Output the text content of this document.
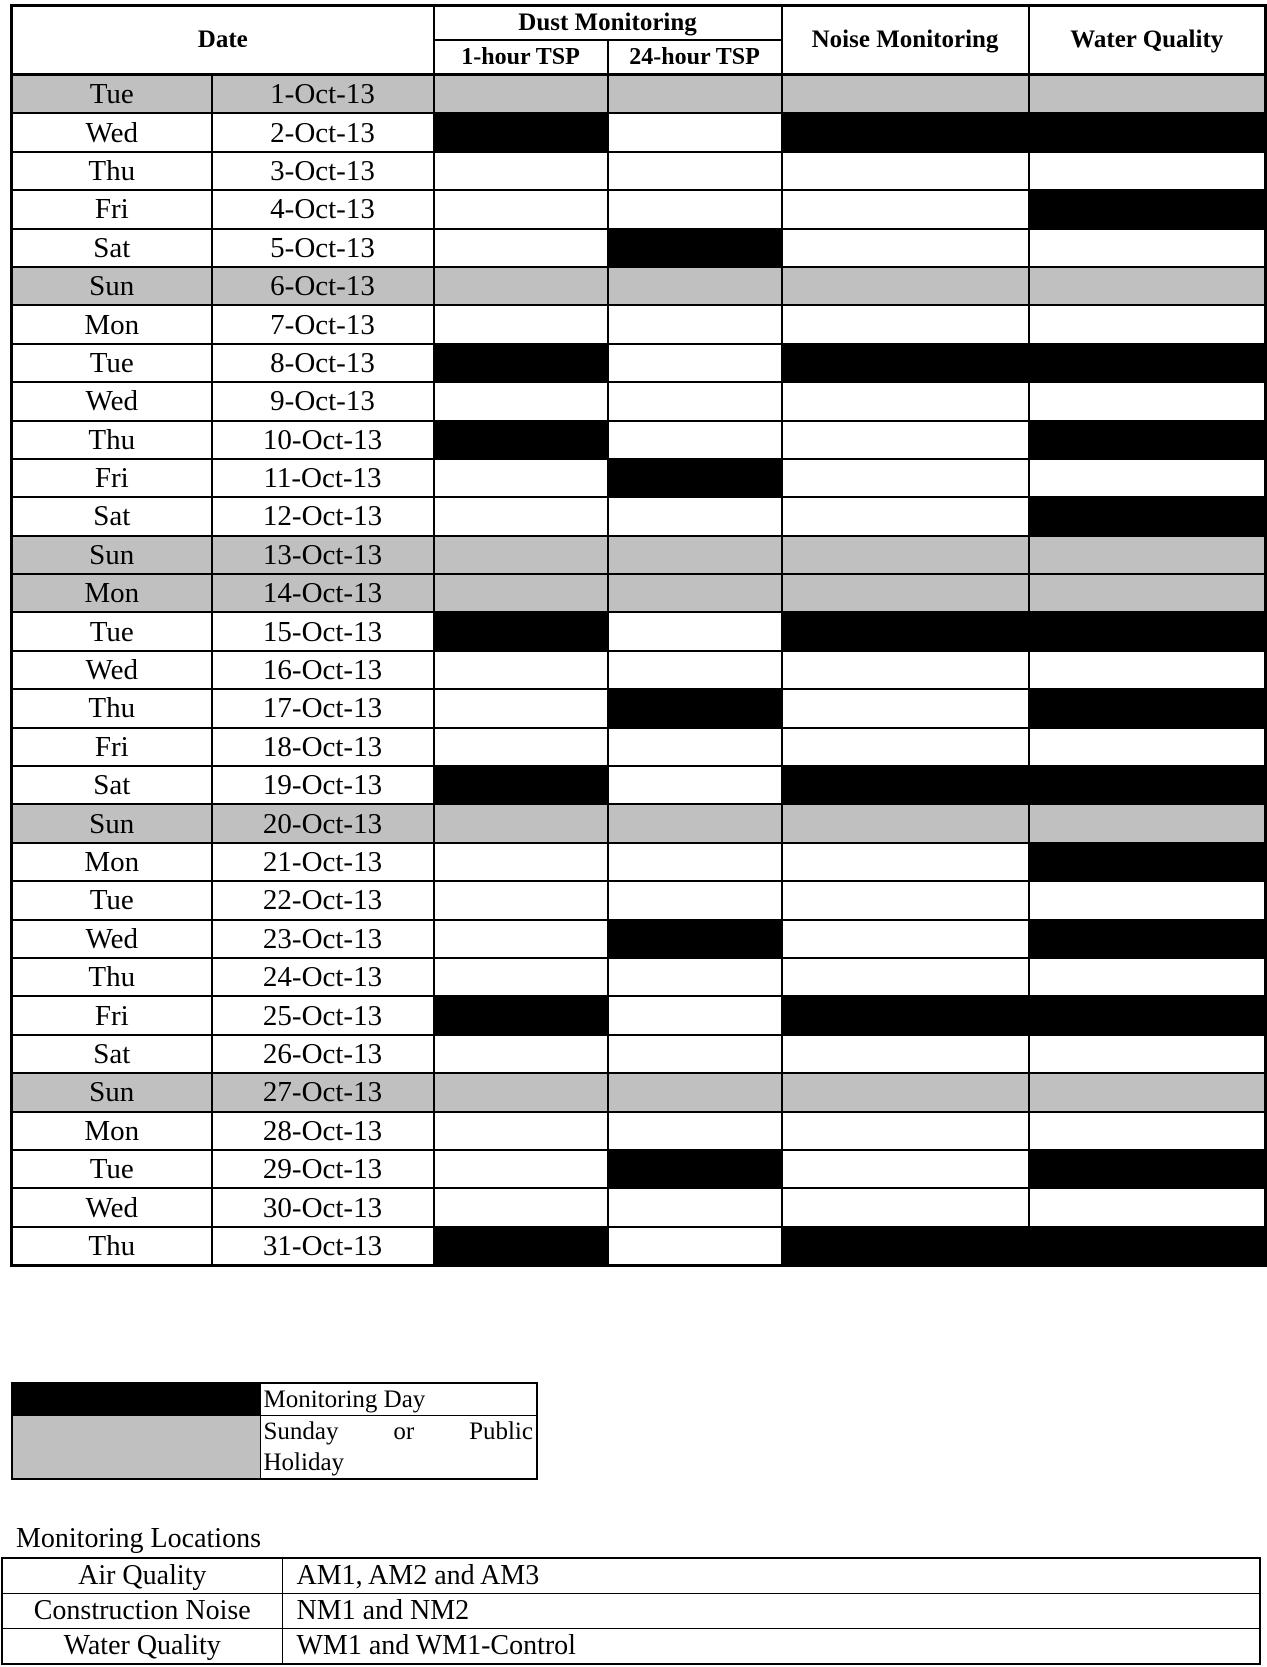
Date		Dust Monitoring		Noise Monitoring	Water Quality
		1-hour TSP	24-hour TSP		
Tue	1-Oct-13				
Wed	2-Oct-13				
Thu	3-Oct-13				
Fri	4-Oct-13				
Sat	5-Oct-13				
Sun	6-Oct-13				
Mon	7-Oct-13				
Tue	8-Oct-13				
Wed	9-Oct-13				
Thu	10-Oct-13				
Fri	11-Oct-13				
Sat	12-Oct-13				
Sun	13-Oct-13				
Mon	14-Oct-13				
Tue	15-Oct-13				
Wed	16-Oct-13				
Thu	17-Oct-13				
Fri	18-Oct-13				
Sat	19-Oct-13				
Sun	20-Oct-13				
Mon	21-Oct-13				
Tue	22-Oct-13				
Wed	23-Oct-13				
Thu	24-Oct-13				
Fri	25-Oct-13				
Sat	26-Oct-13				
Sun	27-Oct-13				
Mon	28-Oct-13				
Tue	29-Oct-13				
Wed	30-Oct-13				
Thu	31-Oct-13				
	Monitoring Day

	Sunday or Public
Holiday
Monitoring Locations
Air Quality	AM1, AM2 and AM3
Construction Noise	NM1 and NM2
Water Quality	WM1 and WM1-Control
